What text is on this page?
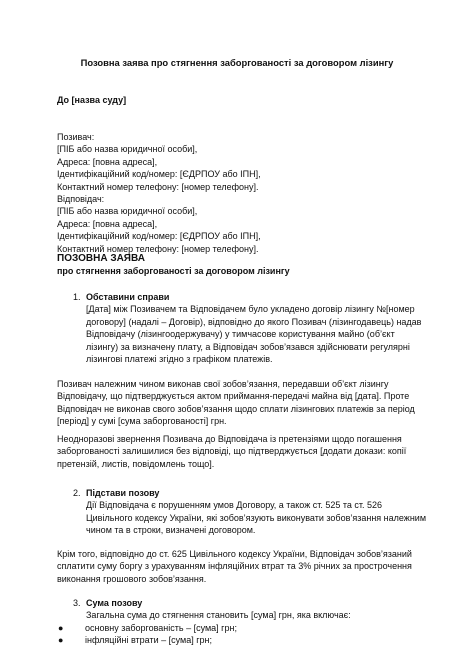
Позовна заява про стягнення заборгованості за договором лізингу
До [назва суду]
Позивач:
[ПІБ або назва юридичної особи],
Адреса: [повна адреса],
Ідентифікаційний код/номер: [ЄДРПОУ або ІПН],
Контактний номер телефону: [номер телефону].
Відповідач:
[ПІБ або назва юридичної особи],
Адреса: [повна адреса],
Ідентифікаційний код/номер: [ЄДРПОУ або ІПН],
Контактний номер телефону: [номер телефону].
ПОЗОВНА ЗАЯВА
про стягнення заборгованості за договором лізингу
1. Обставини справи
[Дата] між Позивачем та Відповідачем було укладено договір лізингу №[номер договору] (надалі – Договір), відповідно до якого Позивач (лізингодавець) надав Відповідачу (лізингоодержувачу) у тимчасове користування майно (об’єкт лізингу) за визначену плату, а Відповідач зобов’язався здійснювати регулярні лізингові платежі згідно з графіком платежів.
Позивач належним чином виконав свої зобов’язання, передавши об’єкт лізингу Відповідачу, що підтверджується актом приймання-передачі майна від [дата]. Проте Відповідач не виконав свого зобов’язання щодо сплати лізингових платежів за період [період] у сумі [сума заборгованості] грн.
Неодноразові звернення Позивача до Відповідача із претензіями щодо погашення заборгованості залишилися без відповіді, що підтверджується [додати докази: копії претензій, листів, повідомлень тощо].
2. Підстави позову
Дії Відповідача є порушенням умов Договору, а також ст. 525 та ст. 526 Цивільного кодексу України, які зобов’язують виконувати зобов’язання належним чином та в строки, визначені договором.
Крім того, відповідно до ст. 625 Цивільного кодексу України, Відповідач зобов’язаний сплатити суму боргу з урахуванням інфляційних втрат та 3% річних за прострочення виконання грошового зобов’язання.
3. Сума позову
Загальна сума до стягнення становить [сума] грн, яка включає:
● основну заборгованість – [сума] грн;
● інфляційні втрати – [сума] грн;
